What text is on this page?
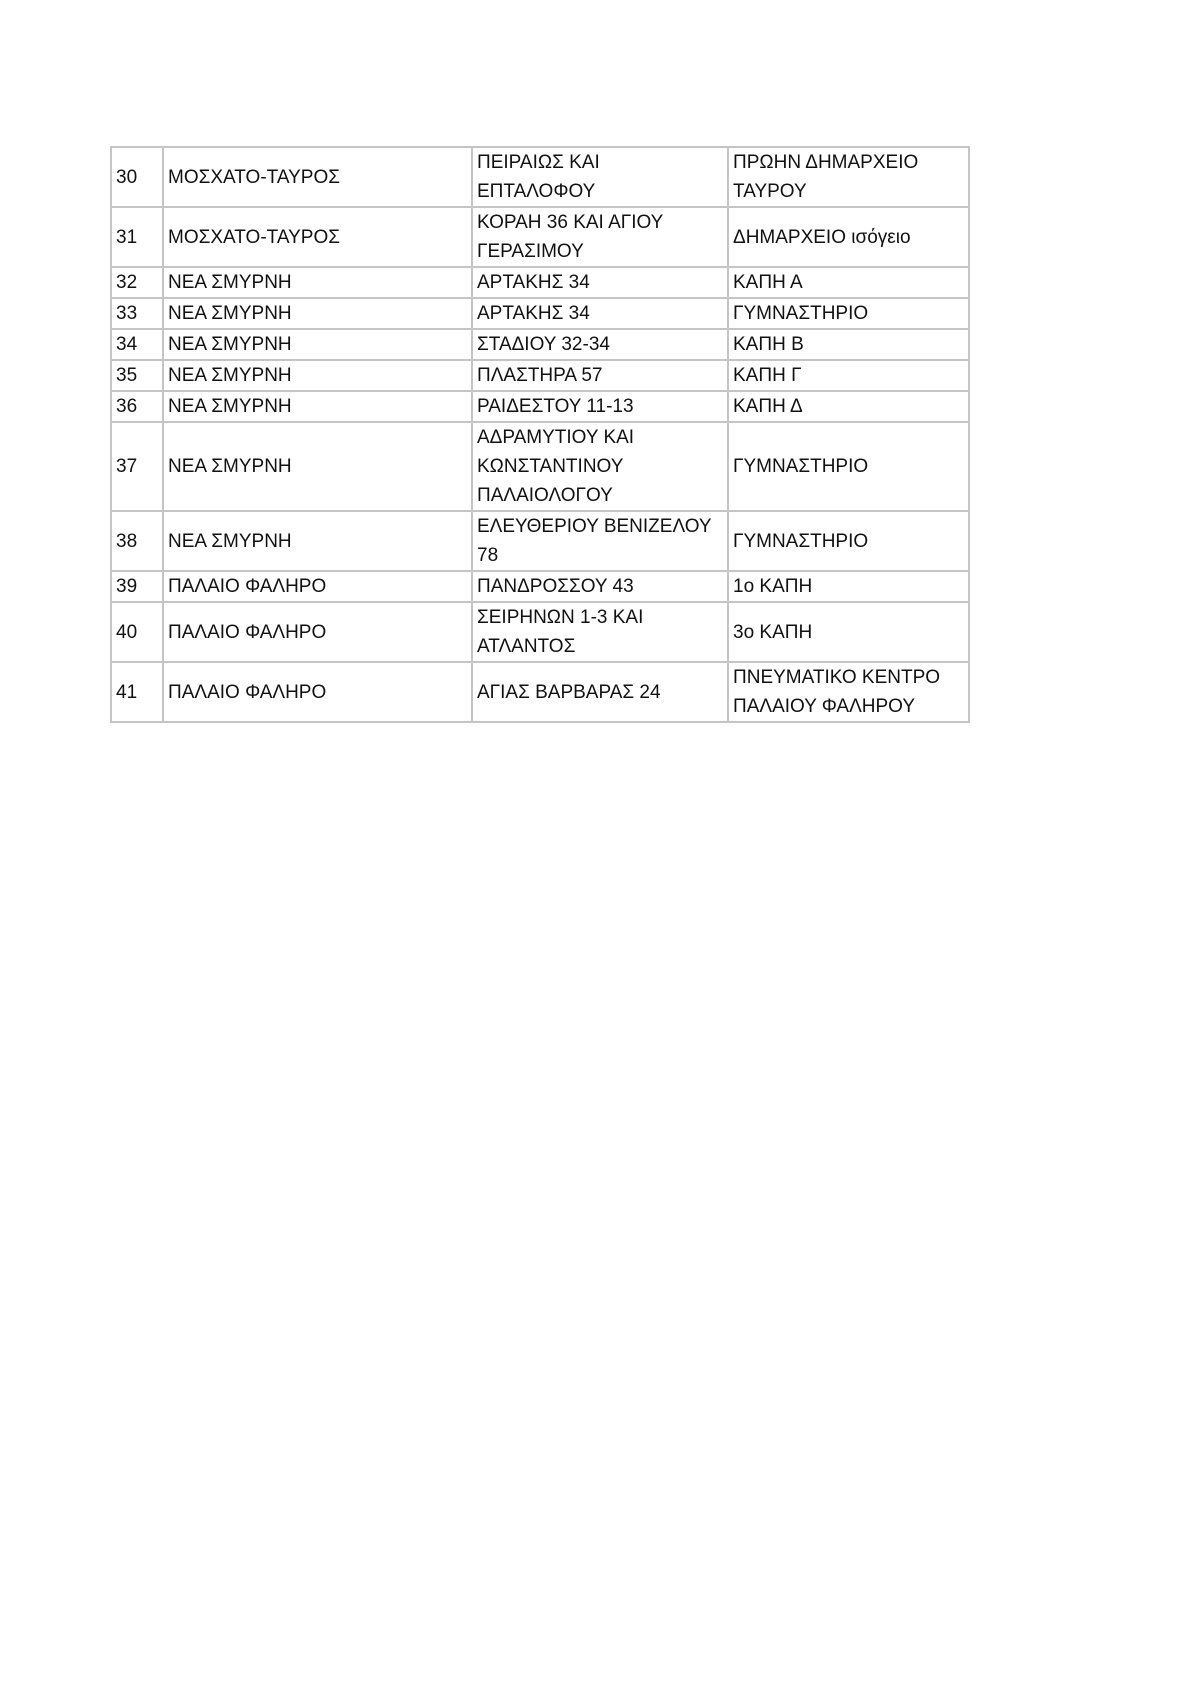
30	ΜΟΣΧΑΤΟ-ΤΑΥΡΟΣ	ΠΕΙΡΑΙΩΣ ΚΑΙ ΕΠΤΑΛΟΦΟΥ	ΠΡΩΗΝ ΔΗΜΑΡΧΕΙΟ
ΤΑΥΡΟΥ
31	ΜΟΣΧΑΤΟ-ΤΑΥΡΟΣ	ΚΟΡΑΗ 36 ΚΑΙ ΑΓΙΟΥ
ΓΕΡΑΣΙΜΟΥ	ΔΗΜΑΡΧΕΙΟ ισόγειο
32	ΝΕΑ ΣΜΥΡΝΗ	ΑΡΤΑΚΗΣ 34	ΚΑΠΗ Α
33	ΝΕΑ ΣΜΥΡΝΗ	ΑΡΤΑΚΗΣ 34	ΓΥΜΝΑΣΤΗΡΙΟ
34	ΝΕΑ ΣΜΥΡΝΗ	ΣΤΑΔΙΟΥ 32-34	ΚΑΠΗ Β
35	ΝΕΑ ΣΜΥΡΝΗ	ΠΛΑΣΤΗΡΑ 57	ΚΑΠΗ Γ
36	ΝΕΑ ΣΜΥΡΝΗ	ΡΑΙΔΕΣΤΟΥ 11-13	ΚΑΠΗ Δ
37	ΝΕΑ ΣΜΥΡΝΗ	ΑΔΡΑΜΥΤΙΟΥ ΚΑΙ
ΚΩΝΣΤΑΝΤΙΝΟΥ
ΠΑΛΑΙΟΛΟΓΟΥ	ΓΥΜΝΑΣΤΗΡΙΟ
38	ΝΕΑ ΣΜΥΡΝΗ	ΕΛΕΥΘΕΡΙΟΥ ΒΕΝΙΖΕΛΟΥ
78	ΓΥΜΝΑΣΤΗΡΙΟ
39	ΠΑΛΑΙΟ ΦΑΛΗΡΟ	ΠΑΝΔΡΟΣΣΟΥ 43	1ο ΚΑΠΗ
40	ΠΑΛΑΙΟ ΦΑΛΗΡΟ	ΣΕΙΡΗΝΩΝ 1-3 ΚΑΙ
ΑΤΛΑΝΤΟΣ	3ο ΚΑΠΗ
41	ΠΑΛΑΙΟ ΦΑΛΗΡΟ	ΑΓΙΑΣ ΒΑΡΒΑΡΑΣ 24	ΠΝΕΥΜΑΤΙΚΟ ΚΕΝΤΡΟ
ΠΑΛΑΙΟΥ ΦΑΛΗΡΟΥ
